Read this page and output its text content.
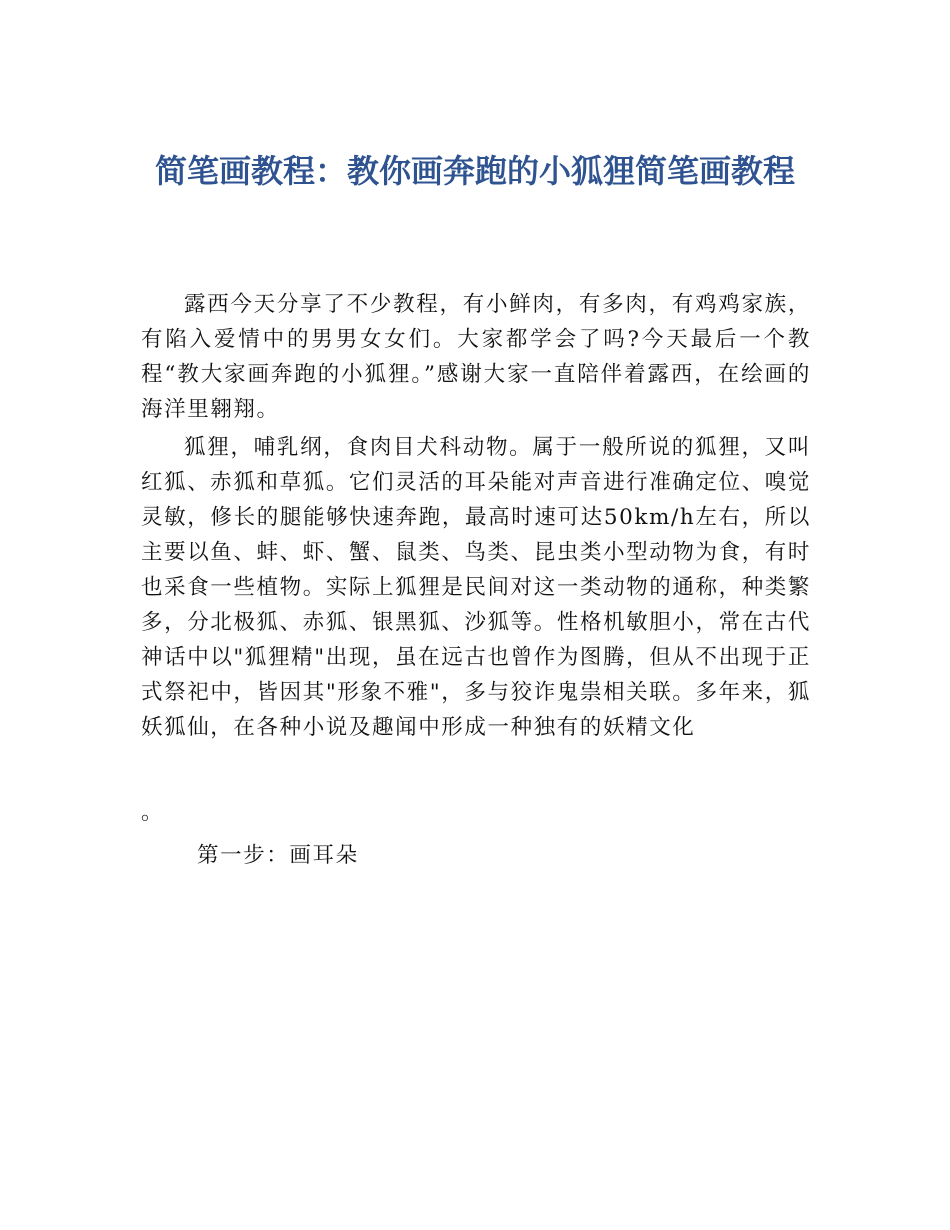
简笔画教程：教你画奔跑的小狐狸简笔画教程

露西今天分享了不少教程，有小鲜肉，有多肉，有鸡鸡家族，有陷入爱情中的男男女女们。大家都学会了吗?今天最后一个教程“教大家画奔跑的小狐狸。”感谢大家一直陪伴着露西，在绘画的海洋里翱翔。

狐狸，哺乳纲，食肉目犬科动物。属于一般所说的狐狸，又叫红狐、赤狐和草狐。它们灵活的耳朵能对声音进行准确定位、嗅觉灵敏，修长的腿能够快速奔跑，最高时速可达50km/h左右，所以主要以鱼、蚌、虾、蟹、鼠类、鸟类、昆虫类小型动物为食，有时也采食一些植物。实际上狐狸是民间对这一类动物的通称，种类繁多，分北极狐、赤狐、银黑狐、沙狐等。性格机敏胆小，常在古代神话中以"狐狸精"出现，虽在远古也曾作为图腾，但从不出现于正式祭祀中，皆因其"形象不雅"，多与狡诈鬼祟相关联。多年来，狐妖狐仙，在各种小说及趣闻中形成一种独有的妖精文化

。

第一步：画耳朵
